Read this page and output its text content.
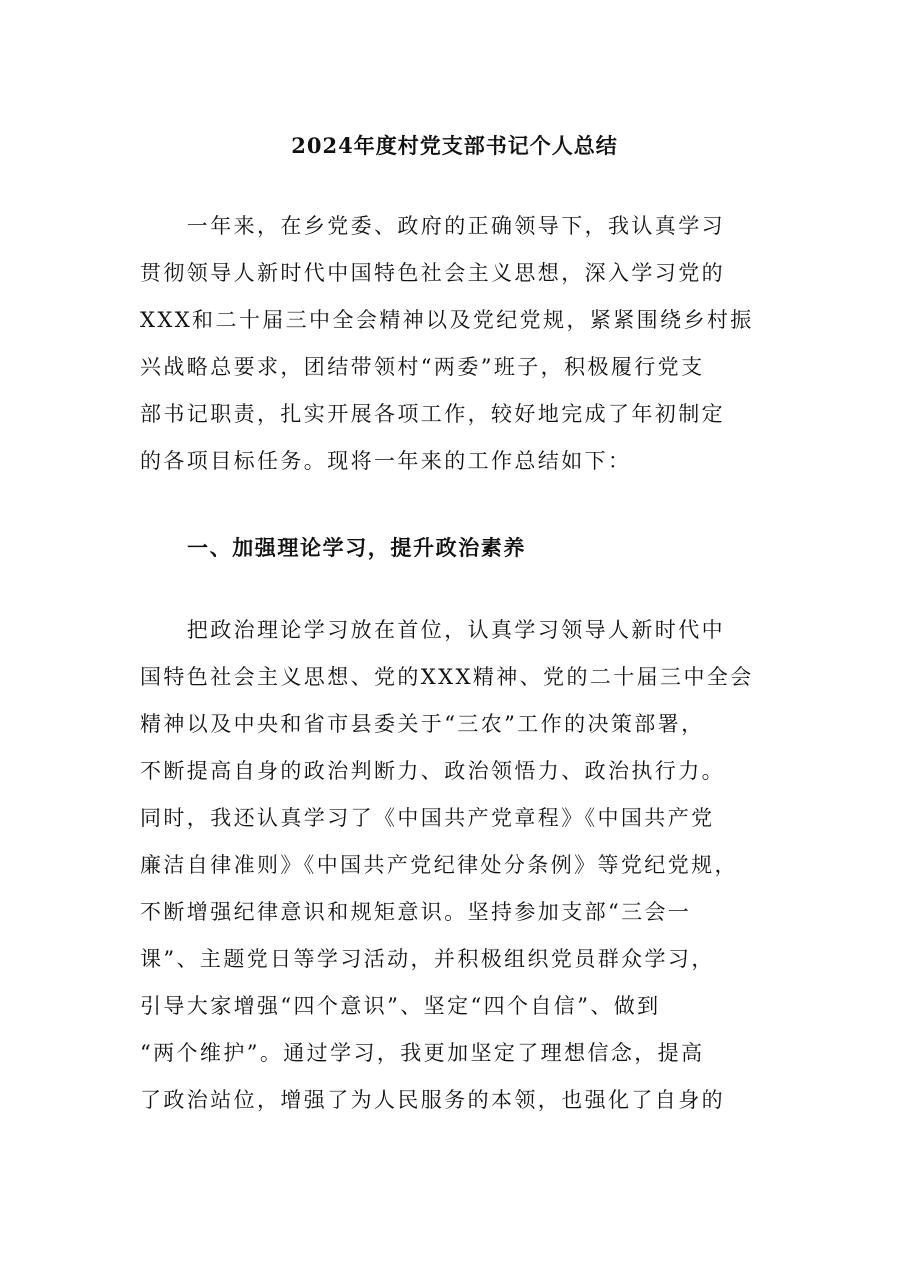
2024年度村党支部书记个人总结
　　一年来，在乡党委、政府的正确领导下，我认真学习
贯彻领导人新时代中国特色社会主义思想，深入学习党的
XXX和二十届三中全会精神以及党纪党规，紧紧围绕乡村振
兴战略总要求，团结带领村“两委”班子，积极履行党支
部书记职责，扎实开展各项工作，较好地完成了年初制定
的各项目标任务。现将一年来的工作总结如下：
一、加强理论学习，提升政治素养
　　把政治理论学习放在首位，认真学习领导人新时代中
国特色社会主义思想、党的XXX精神、党的二十届三中全会
精神以及中央和省市县委关于“三农”工作的决策部署，
不断提高自身的政治判断力、政治领悟力、政治执行力。
同时，我还认真学习了《中国共产党章程》《中国共产党
廉洁自律准则》《中国共产党纪律处分条例》等党纪党规，
不断增强纪律意识和规矩意识。坚持参加支部“三会一
课”、主题党日等学习活动，并积极组织党员群众学习，
引导大家增强“四个意识”、坚定“四个自信”、做到
“两个维护”。通过学习，我更加坚定了理想信念，提高
了政治站位，增强了为人民服务的本领，也强化了自身的
